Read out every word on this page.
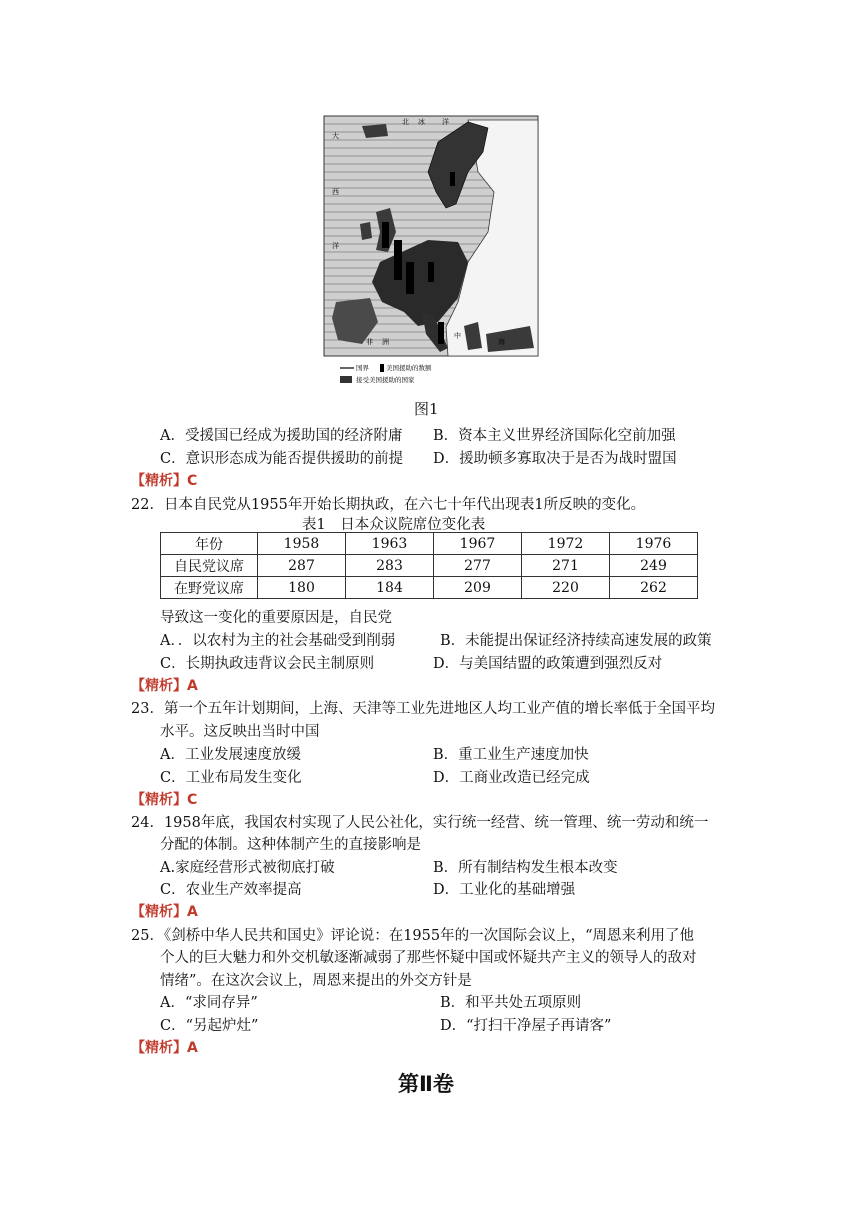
北 冰 洋
大
西
洋
非 洲
中
海
国界	美国援助的数额
接受美国援助的国家
图1
A．受援国已经成为援助国的经济附庸 B．资本主义世界经济国际化空前加强
C．意识形态成为能否提供援助的前提 D．援助顿多寡取决于是否为战时盟国
【精析】C
22．日本自民党从1955年开始长期执政，在六七十年代出现表1所反映的变化。
表1　日本众议院席位变化表
年份	1958	1963	1967	1972	1976
自民党议席	287	283	277	271	249
在野党议席	180	184	209	220	262
导致这一变化的重要原因是，自民党
A．．以农村为主的社会基础受到削弱	B．未能提出保证经济持续高速发展的政策
C．长期执政违背议会民主制原则	D．与美国结盟的政策遭到强烈反对
【精析】A
23．第一个五年计划期间，上海、天津等工业先进地区人均工业产值的增长率低于全国平均
水平。这反映出当时中国
A．工业发展速度放缓	B．重工业生产速度加快
C．工业布局发生变化	D．工商业改造已经完成
【精析】C
24．1958年底，我国农村实现了人民公社化，实行统一经营、统一管理、统一劳动和统一
分配的体制。这种体制产生的直接影响是
A.家庭经营形式被彻底打破	B．所有制结构发生根本改变
C．农业生产效率提高	D．工业化的基础增强
【精析】A
25．《剑桥中华人民共和国史》评论说：在1955年的一次国际会议上，“周恩来利用了他
个人的巨大魅力和外交机敏逐渐减弱了那些怀疑中国或怀疑共产主义的领导人的敌对
情绪”。在这次会议上，周恩来提出的外交方针是
A．“求同存异”	B．和平共处五项原则
C．“另起炉灶”	D．“打扫干净屋子再请客”
【精析】A
第Ⅱ卷
